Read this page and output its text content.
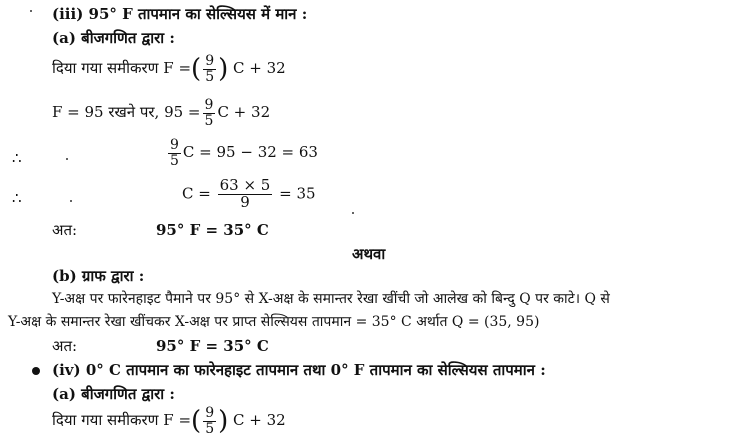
(iii) 95° F तापमान का सेल्सियस में मान :
(a) बीजगणित द्वारा :
दिया गया समीकरण F =( $\frac{9}{5}$ ) C + 32
F = 95 रखने पर, $95 = \frac{9}{5}$ C + 32
∴	$\frac{9}{5}$ C = 95 − 32 = 63
∴	$C = \frac{63 \times 5}{9} = 35$
अत:	95° F = 35° C
अथवा
(b) ग्राफ द्वारा :
Y-अक्ष पर फारेनहाइट पैमाने पर 95° से X-अक्ष के समान्तर रेखा खींची जो आलेख को बिन्दु Q पर काटे। Q से
Y-अक्ष के समान्तर रेखा खींचकर X-अक्ष पर प्राप्त सेल्सियस तापमान = 35° C अर्थात Q = (35, 95)
अत:	95° F = 35° C
(iv) 0° C तापमान का फारेनहाइट तापमान तथा 0° F तापमान का सेल्सियस तापमान :
(a) बीजगणित द्वारा :
दिया गया समीकरण F =( $\frac{9}{5}$ ) C + 32
